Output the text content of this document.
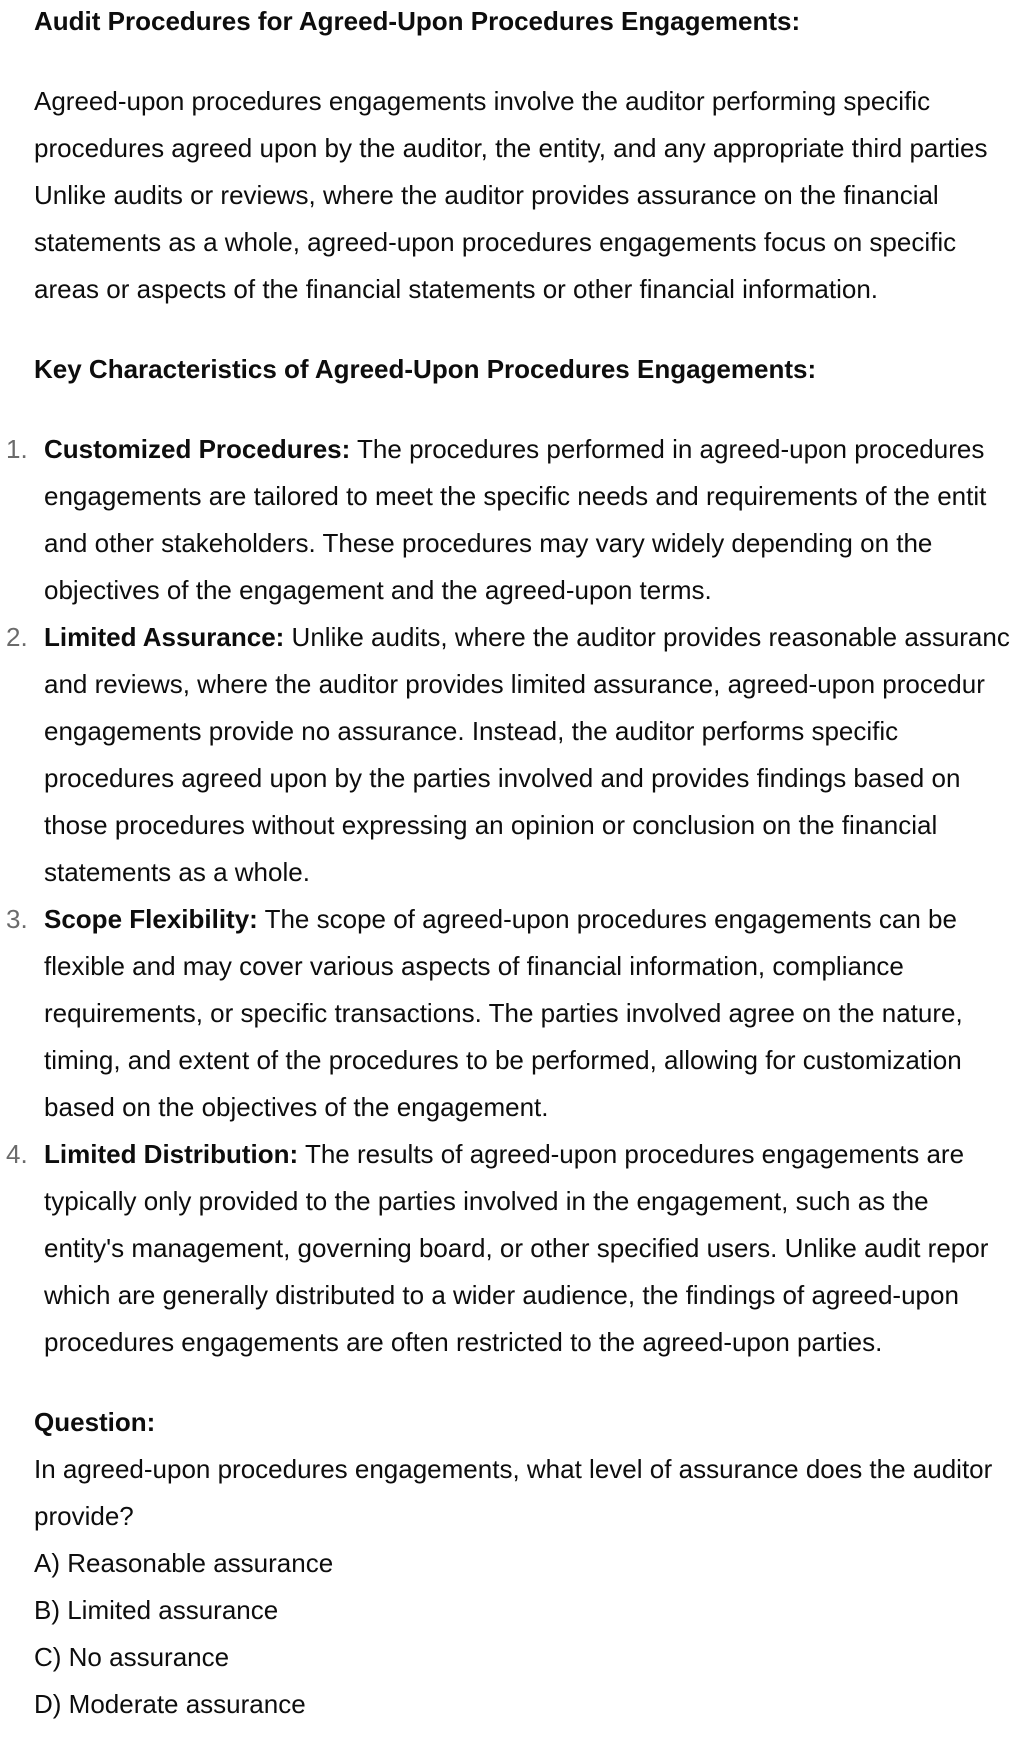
Audit Procedures for Agreed-Upon Procedures Engagements:

Agreed-upon procedures engagements involve the auditor performing specific
procedures agreed upon by the auditor, the entity, and any appropriate third parties
Unlike audits or reviews, where the auditor provides assurance on the financial
statements as a whole, agreed-upon procedures engagements focus on specific
areas or aspects of the financial statements or other financial information.

Key Characteristics of Agreed-Upon Procedures Engagements:
1. Customized Procedures: The procedures performed in agreed-upon procedures
engagements are tailored to meet the specific needs and requirements of the entit
and other stakeholders. These procedures may vary widely depending on the
objectives of the engagement and the agreed-upon terms.
2. Limited Assurance: Unlike audits, where the auditor provides reasonable assuranc
and reviews, where the auditor provides limited assurance, agreed-upon procedur
engagements provide no assurance. Instead, the auditor performs specific
procedures agreed upon by the parties involved and provides findings based on
those procedures without expressing an opinion or conclusion on the financial
statements as a whole.
3. Scope Flexibility: The scope of agreed-upon procedures engagements can be
flexible and may cover various aspects of financial information, compliance
requirements, or specific transactions. The parties involved agree on the nature,
timing, and extent of the procedures to be performed, allowing for customization
based on the objectives of the engagement.
4. Limited Distribution: The results of agreed-upon procedures engagements are
typically only provided to the parties involved in the engagement, such as the
entity's management, governing board, or other specified users. Unlike audit repor
which are generally distributed to a wider audience, the findings of agreed-upon
procedures engagements are often restricted to the agreed-upon parties.
Question:

In agreed-upon procedures engagements, what level of assurance does the auditor
provide?

A) Reasonable assurance
B) Limited assurance
C) No assurance
D) Moderate assurance
